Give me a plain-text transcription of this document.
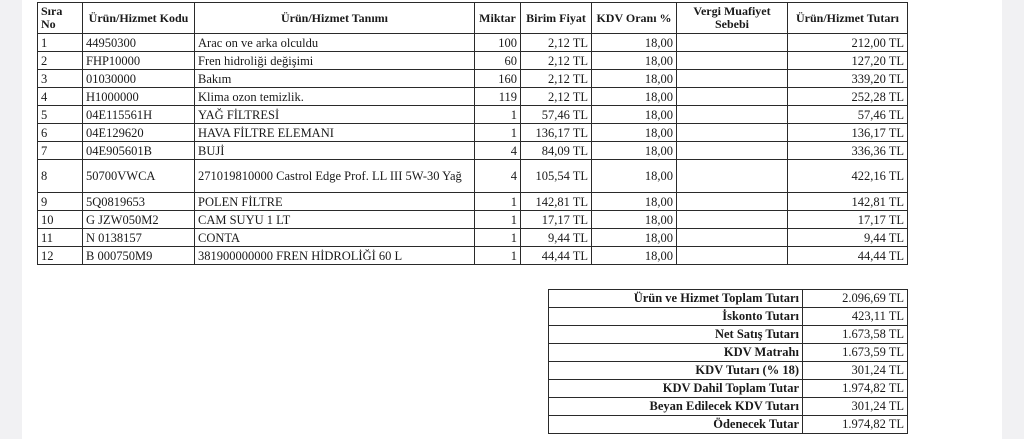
Sıra No	Ürün/Hizmet Kodu	Ürün/Hizmet Tanımı	Miktar	Birim Fiyat	KDV Oranı %	Vergi Muafiyet Sebebi	Ürün/Hizmet Tutarı
1	44950300	Arac on ve arka olculdu	100	2,12 TL	18,00		212,00 TL
2	FHP10000	Fren hidroliği değişimi	60	2,12 TL	18,00		127,20 TL
3	01030000	Bakım	160	2,12 TL	18,00		339,20 TL
4	H1000000	Klima ozon temizlik.	119	2,12 TL	18,00		252,28 TL
5	04E115561H	YAĞ FİLTRESİ	1	57,46 TL	18,00		57,46 TL
6	04E129620	HAVA FİLTRE ELEMANI	1	136,17 TL	18,00		136,17 TL
7	04E905601B	BUJİ	4	84,09 TL	18,00		336,36 TL
8	50700VWCA	271019810000 Castrol Edge Prof. LL III 5W-30 Yağ	4	105,54 TL	18,00		422,16 TL
9	5Q0819653	POLEN FİLTRE	1	142,81 TL	18,00		142,81 TL
10	G JZW050M2	CAM SUYU 1 LT	1	17,17 TL	18,00		17,17 TL
11	N 0138157	CONTA	1	9,44 TL	18,00		9,44 TL
12	B 000750M9	381900000000 FREN HİDROLİĞİ 60 L	1	44,44 TL	18,00		44,44 TL
Ürün ve Hizmet Toplam Tutarı	2.096,69 TL
İskonto Tutarı	423,11 TL
Net Satış Tutarı	1.673,58 TL
KDV Matrahı	1.673,59 TL
KDV Tutarı (% 18)	301,24 TL
KDV Dahil Toplam Tutar	1.974,82 TL
Beyan Edilecek KDV Tutarı	301,24 TL
Ödenecek Tutar	1.974,82 TL
